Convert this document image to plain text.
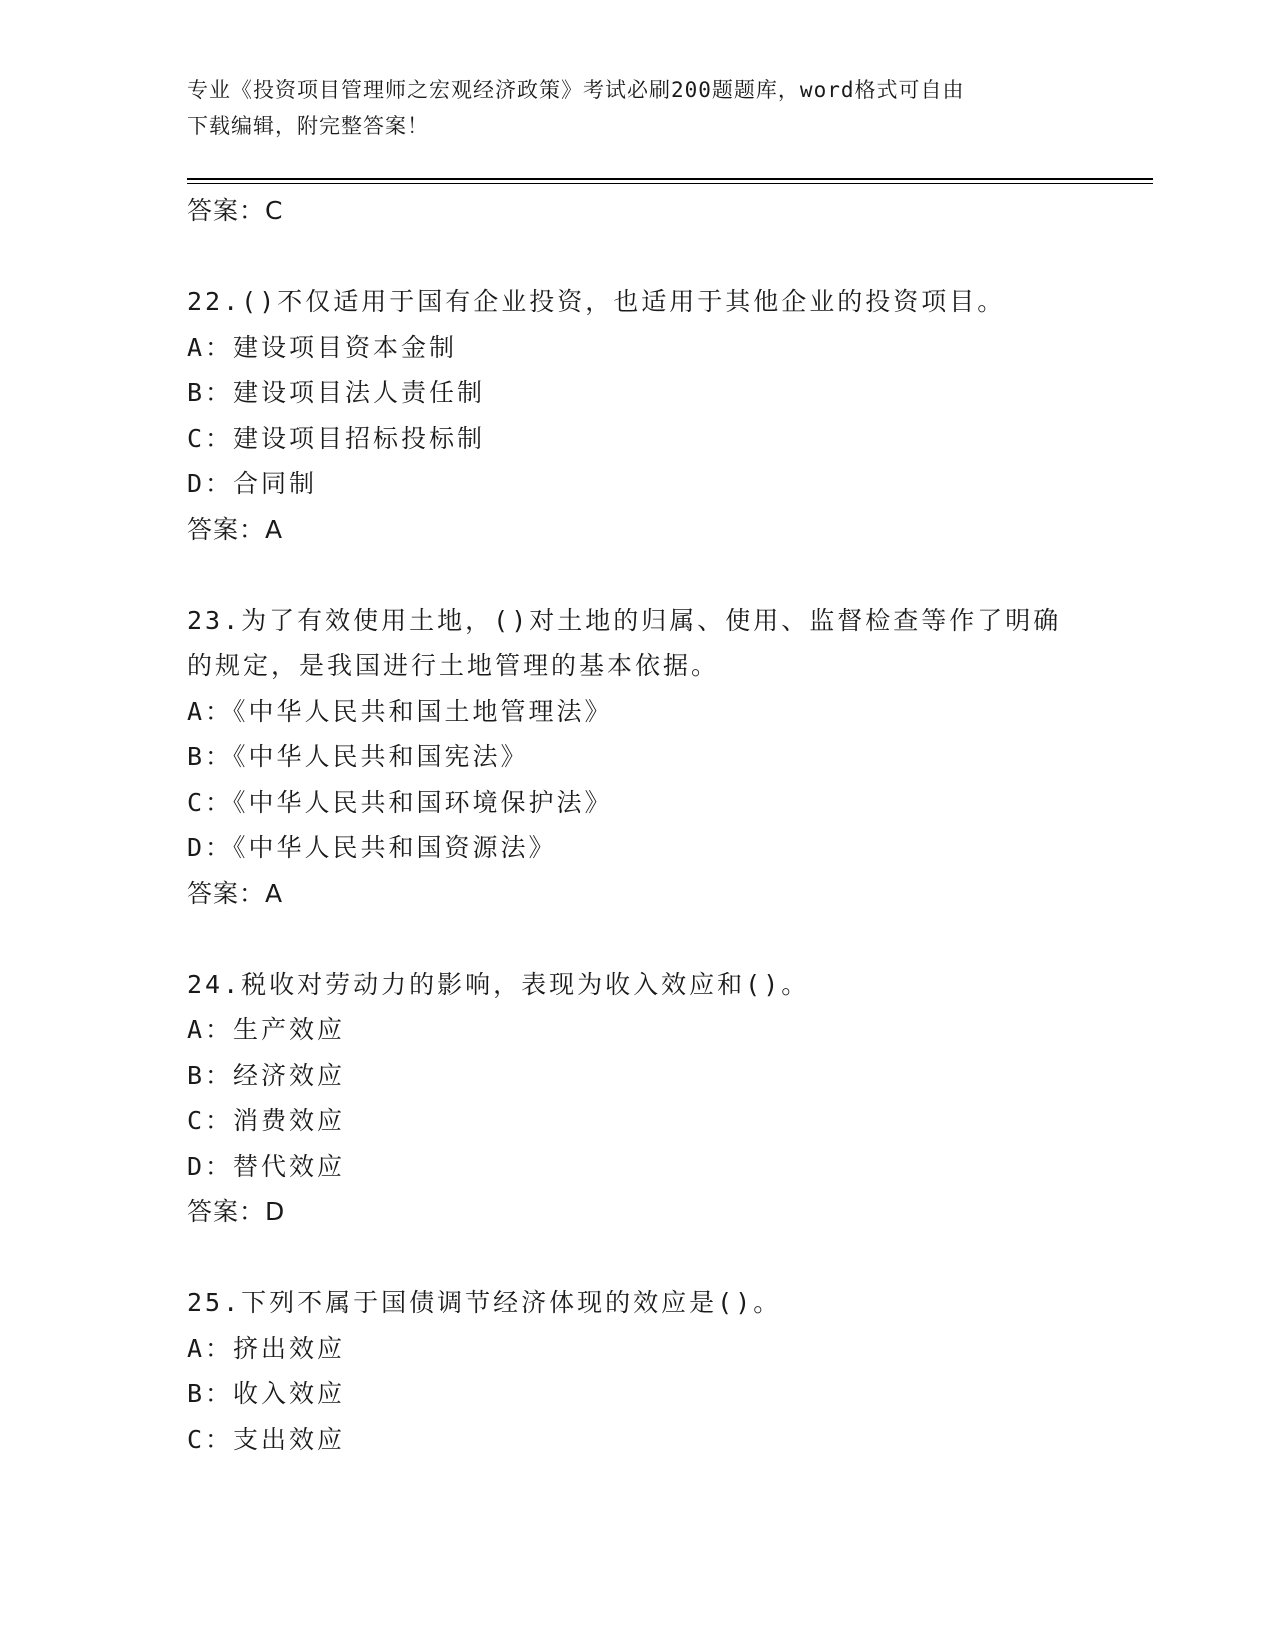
专业《投资项目管理师之宏观经济政策》考试必刷200题题库，word格式可自由
下载编辑，附完整答案！
答案：C
22.()不仅适用于国有企业投资，也适用于其他企业的投资项目。
A：建设项目资本金制
B：建设项目法人责任制
C：建设项目招标投标制
D：合同制
答案：A
23.为了有效使用土地，()对土地的归属、使用、监督检查等作了明确
的规定，是我国进行土地管理的基本依据。
A：《中华人民共和国土地管理法》
B：《中华人民共和国宪法》
C：《中华人民共和国环境保护法》
D：《中华人民共和国资源法》
答案：A
24.税收对劳动力的影响，表现为收入效应和()。
A：生产效应
B：经济效应
C：消费效应
D：替代效应
答案：D
25.下列不属于国债调节经济体现的效应是()。
A：挤出效应
B：收入效应
C：支出效应
